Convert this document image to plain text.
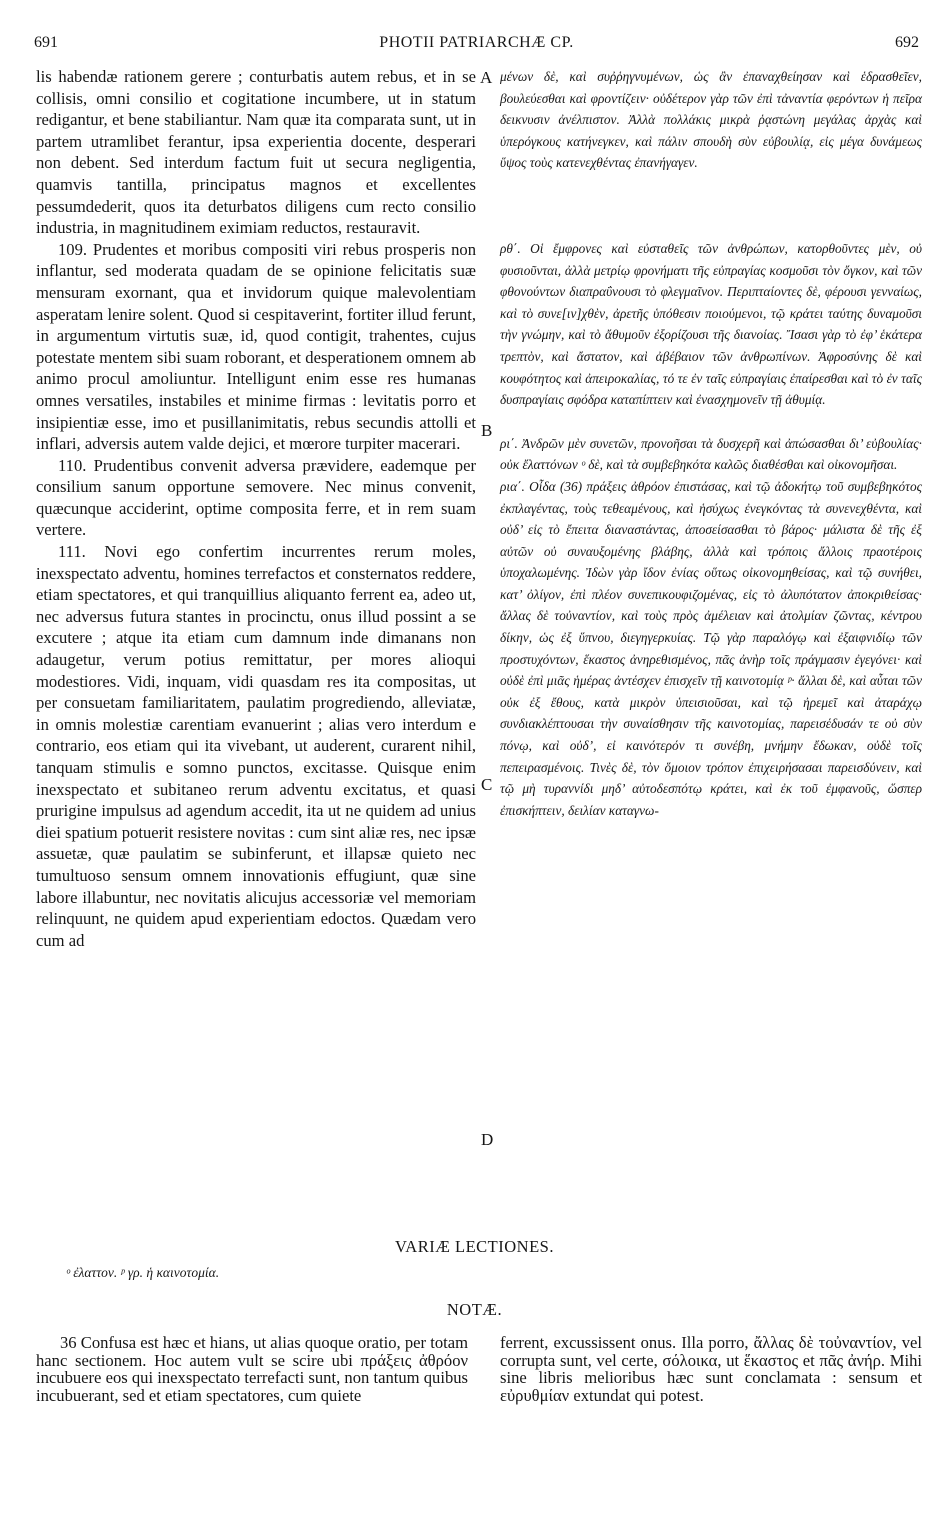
691	PHOTII PATRIARCHÆ CP.	692

lis habendæ rationem gerere ; conturbatis autem rebus, et in se collisis, omni consilio et cogitatione incumbere, ut in statum redigantur, et bene stabiliantur. Nam quæ ita comparata sunt, ut in partem utramlibet ferantur, ipsa experientia docente, desperari non debent. Sed interdum factum fuit ut secura negligentia, quamvis tantilla, principatus magnos et excellentes pessumdederit, quos ita deturbatos diligens cum recto consilio industria, in magnitudinem eximiam reductos, restauravit.

109. Prudentes et moribus compositi viri rebus prosperis non inflantur, sed moderata quadam de se opinione felicitatis suæ mensuram exornant, qua et invidorum quique malevolentiam asperatam lenire solent. Quod si cespitaverint, fortiter illud ferunt, in argumentum virtutis suæ, id, quod contigit, trahentes, cujus potestate mentem sibi suam roborant, et desperationem omnem ab animo procul amoliuntur. Intelligunt enim esse res humanas omnes versatiles, instabiles et minime firmas : levitatis porro et insipientiæ esse, imo et pusillanimitatis, rebus secundis attolli et inflari, adversis autem valde dejici, et mœrore turpiter macerari.

110. Prudentibus convenit adversa prævidere, eademque per consilium sanum opportune semovere. Nec minus convenit, quæcunque acciderint, optime composita ferre, et in rem suam vertere.

111. Novi ego confertim incurrentes rerum moles, inexspectato adventu, homines terrefactos et consternatos reddere, etiam spectatores, et qui tranquillius aliquanto ferrent ea, adeo ut, nec adversus futura stantes in procinctu, onus illud possint a se excutere ; atque ita etiam cum damnum inde dimanans non adaugetur, verum potius remittatur, per mores alioqui modestiores. Vidi, inquam, vidi quasdam res ita compositas, ut per consuetam familiaritatem, paulatim progrediendo, alleviatæ, in omnis molestiæ carentiam evanuerint ; alias vero interdum e contrario, eos etiam qui ita vivebant, ut auderent, curarent nihil, tanquam stimulis e somno punctos, excitasse. Quisque enim inexspectato et subitaneo rerum adventu excitatus, et quasi prurigine impulsus ad agendum accedit, ita ut ne quidem ad unius diei spatium potuerit resistere novitas : cum sint aliæ res, nec ipsæ assuetæ, quæ paulatim se subinferunt, et illapsæ quieto nec tumultuoso sensum omnem innovationis effugiunt, quæ sine labore illabuntur, nec novitatis alicujus accessoriæ vel memoriam relinquunt, ne quidem apud experientiam edoctos. Quædam vero cum ad

μένων δὲ, καὶ συῤῥηγνυμένων, ὡς ἂν ἐπαναχθείησαν καὶ ἑδρασθεῖεν, βουλεύεσθαι καὶ φροντίζειν· οὐδέτερον γὰρ τῶν ἐπὶ τἀναντία φερόντων ἡ πεῖρα δεικνυσιν ἀνέλπιστον. Ἀλλὰ πολλάκις μικρὰ ῥᾳστώνη μεγάλας ἀρχὰς καὶ ὑπερόγκους κατήνεγκεν, καὶ πάλιν σπουδὴ σὺν εὐβουλίᾳ, εἰς μέγα δυνάμεως ὕψος τοὺς κατενεχθέντας ἐπανήγαγεν.

ρθ΄. Οἱ ἔμφρονες καὶ εὐσταθεῖς τῶν ἀνθρώπων, κατορθοῦντες μὲν, οὐ φυσιοῦνται, ἀλλὰ μετρίῳ φρονήματι τῆς εὐπραγίας κοσμοῦσι τὸν ὄγκον, καὶ τῶν φθονούντων διαπραΰνουσι τὸ φλεγμαῖνον. Περιπταίοντες δὲ, φέρουσι γενναίως, καὶ τὸ συνε[ιν]χθὲν, ἀρετῆς ὑπόθεσιν ποιούμενοι, τῷ κράτει ταύτης δυναμοῦσι τὴν γνώμην, καὶ τὸ ἄθυμοῦν ἐξορίζουσι τῆς διανοίας. Ἴσασι γὰρ τὸ ἐφ’ ἑκάτερα τρεπτὸν, καὶ ἄστατον, καὶ ἀβέβαιον τῶν ἀνθρωπίνων. Ἀφροσύνης δὲ καὶ κουφότητος καὶ ἀπειροκαλίας, τό τε ἐν ταῖς εὐπραγίαις ἐπαίρεσθαι καὶ τὸ ἐν ταῖς δυσπραγίαις σφόδρα καταπίπτειν καὶ ἐνασχημονεῖν τῇ ἀθυμίᾳ.

ρι΄. Ἀνδρῶν μὲν συνετῶν, προνοῆσαι τὰ δυσχερῆ καὶ ἀπώσασθαι δι’ εὐβουλίας· οὐκ ἔλαττόνων ᵒ δὲ, καὶ τὰ συμβεβηκότα καλῶς διαθέσθαι καὶ οἰκονομῆσαι.

ρια΄. Οἶδα (36) πράξεις ἀθρόον ἐπιστάσας, καὶ τῷ ἀδοκήτῳ τοῦ συμβεβηκότος ἐκπλαγέντας, τοὺς τεθεαμένους, καὶ ἡσύχως ἐνεγκόντας τὰ συνενεχθέντα, καὶ οὐδ’ εἰς τὸ ἔπειτα διαναστάντας, ἀποσείσασθαι τὸ βάρος· μάλιστα δὲ τῆς ἐξ αὐτῶν οὐ συναυξομένης βλάβης, ἀλλὰ καὶ τρόποις ἄλλοις πραοτέροις ὑποχαλωμένης. Ἰδὼν γὰρ ἴδον ἐνίας οὕτως οἰκονομηθείσας, καὶ τῷ συνήθει, κατ’ ὀλίγον, ἐπὶ πλέον συνεπικουφιζομένας, εἰς τὸ ἀλυπότατον ἀποκριθείσας· ἄλλας δὲ τοὐναντίον, καὶ τοὺς πρὸς ἀμέλειαν καὶ ἀτολμίαν ζῶντας, κέντρου δίκην, ὡς ἐξ ὕπνου, διεγηγερκυίας. Τῷ γὰρ παραλόγῳ καὶ ἐξαιφνιδίῳ τῶν προστυχόντων, ἕκαστος ἀνηρεθισμένος, πᾶς ἀνὴρ τοῖς πράγμασιν ἐγεγόνει· καὶ οὐδὲ ἐπὶ μιᾶς ἡμέρας ἀντέσχεν ἐπισχεῖν τῇ καινοτομίᾳ ᵖ· ἄλλαι δὲ, καὶ αὗται τῶν οὐκ ἐξ ἔθους, κατὰ μικρὸν ὑπεισιοῦσαι, καὶ τῷ ἠρεμεῖ καὶ ἀταράχῳ συνδιακλέπτουσαι τὴν συναίσθησιν τῆς καινοτομίας, παρεισέδυσάν τε οὐ σὺν πόνῳ, καὶ οὐδ’, εἰ καινότερόν τι συνέβη, μνήμην ἔδωκαν, οὐδὲ τοῖς πεπειρασμένοις. Τινὲς δὲ, τὸν ὅμοιον τρόπον ἐπιχειρήσασαι παρεισδύνειν, καὶ τῷ μὴ τυραννίδι μηδ’ αὐτοδεσπότῳ κράτει, καὶ ἐκ τοῦ ἐμφανοῦς, ὥσπερ ἐπισκήπτειν, δειλίαν καταγνω-

A
B
C
D
VARIÆ LECTIONES.
ᵒ ἐλαττον. ᵖ γρ. ἡ καινοτομία.
NOTÆ.

36 Confusa est hæc et hians, ut alias quoque oratio, per totam hanc sectionem. Hoc autem vult se scire ubi πράξεις ἀθρόον incubuere eos qui inexspectato terrefacti sunt, non tantum quibus incubuerant, sed et etiam spectatores, cum quiete

ferrent, excussissent onus. Illa porro, ἄλλας δὲ τοὐναντίον, vel corrupta sunt, vel certe, σόλοικα, ut ἕκαστος et πᾶς ἀνήρ. Mihi sine libris melioribus hæc sunt conclamata : sensum et εὐρυθμίαν extundat qui potest.
